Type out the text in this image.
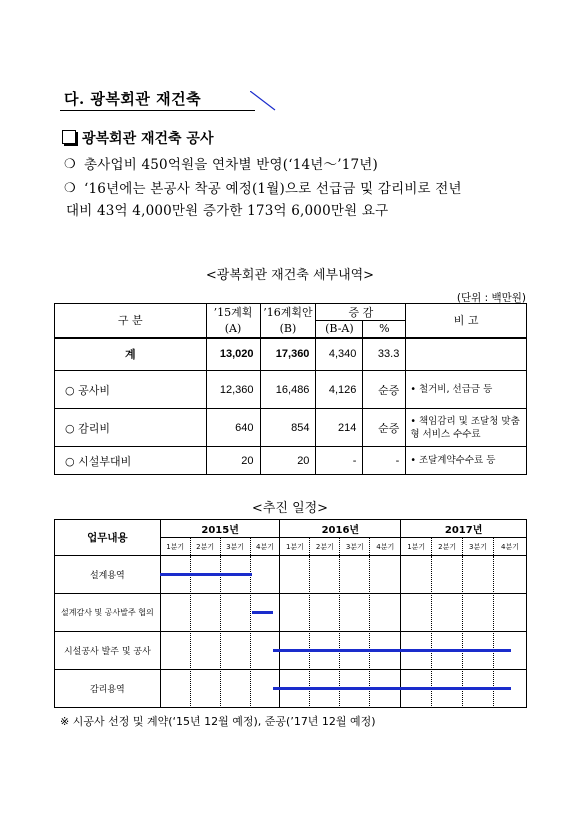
다. 광복회관 재건축
광복회관 재건축 공사
❍ 총사업비 450억원을 연차별 반영(‘14년～’17년)
❍ ‘16년에는 본공사 착공 예정(1월)으로 선급금 및 감리비로 전년
대비 43억 4,000만원 증가한 173억 6,000만원 요구
<광복회관 재건축 세부내역>
(단위 : 백만원)
구 분	’15계획	’16계획안	증 감		비 고
	(A)	(B)	(B-A)	%	
계	13,020	17,360	4,340	33.3	
○ 공사비	12,360	16,486	4,126	순증	• 철거비, 선급금 등
○ 감리비	640	854	214	순증	• 책임감리 및 조달청 맞춤형 서비스 수수료
○ 시설부대비	20	20	-	-	• 조달계약수수료 등
<추진 일정>
업무내용	2015년				2016년				2017년			
	1분기	2분기	3분기	4분기	1분기	2분기	3분기	4분기	1분기	2분기	3분기	4분기
설계용역												
설계감사 및 공사발주 협의												
시설공사 발주 및 공사												
감리용역												
※ 시공사 선정 및 계약(‘15년 12월 예정), 준공(’17년 12월 예정)
